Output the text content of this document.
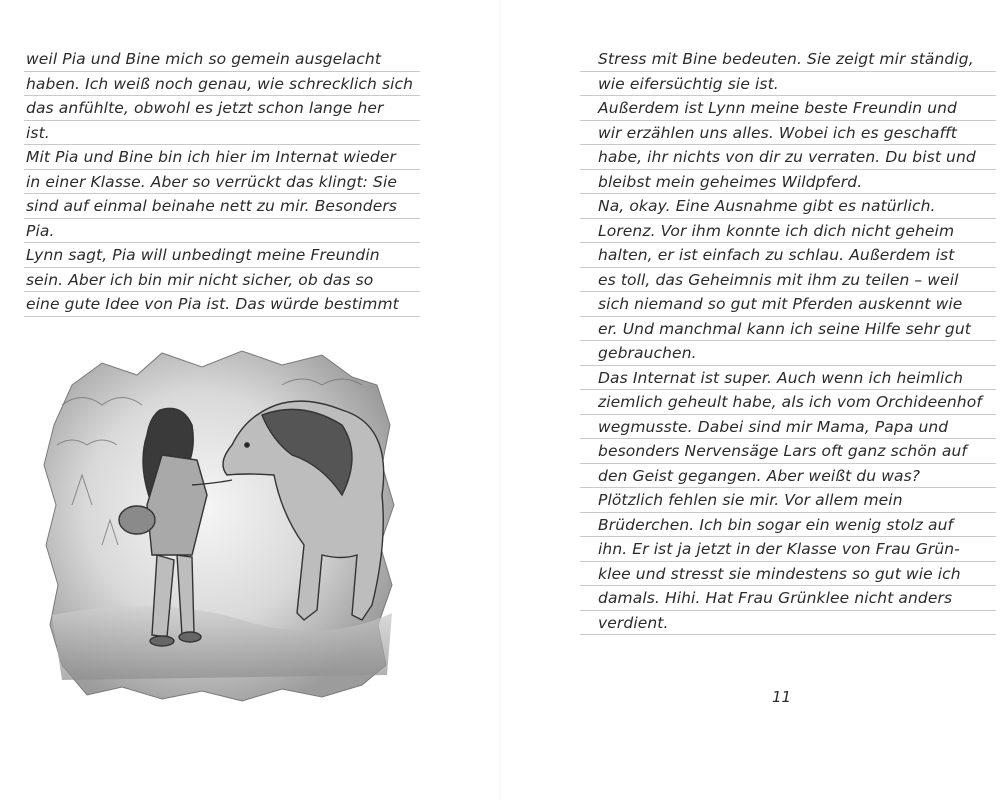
weil Pia und Bine mich so gemein ausgelacht
haben. Ich weiß noch genau, wie schrecklich sich
das anfühlte, obwohl es jetzt schon lange her
ist.
Mit Pia und Bine bin ich hier im Internat wieder
in einer Klasse. Aber so verrückt das klingt: Sie
sind auf einmal beinahe nett zu mir. Besonders
Pia.
Lynn sagt, Pia will unbedingt meine Freundin
sein. Aber ich bin mir nicht sicher, ob das so
eine gute Idee von Pia ist. Das würde bestimmt
Stress mit Bine bedeuten. Sie zeigt mir ständig,
wie eifersüchtig sie ist.
Außerdem ist Lynn meine beste Freundin und
wir erzählen uns alles. Wobei ich es geschafft
habe, ihr nichts von dir zu verraten. Du bist und
bleibst mein geheimes Wildpferd.
Na, okay. Eine Ausnahme gibt es natürlich.
Lorenz. Vor ihm konnte ich dich nicht geheim
halten, er ist einfach zu schlau. Außerdem ist
es toll, das Geheimnis mit ihm zu teilen – weil
sich niemand so gut mit Pferden auskennt wie
er. Und manchmal kann ich seine Hilfe sehr gut
gebrauchen.
Das Internat ist super. Auch wenn ich heimlich
ziemlich geheult habe, als ich vom Orchideenhof
wegmusste. Dabei sind mir Mama, Papa und
besonders Nervensäge Lars oft ganz schön auf
den Geist gegangen. Aber weißt du was?
Plötzlich fehlen sie mir. Vor allem mein
Brüderchen. Ich bin sogar ein wenig stolz auf
ihn. Er ist ja jetzt in der Klasse von Frau Grün-
klee und stresst sie mindestens so gut wie ich
damals. Hihi. Hat Frau Grünklee nicht anders
verdient.
11
